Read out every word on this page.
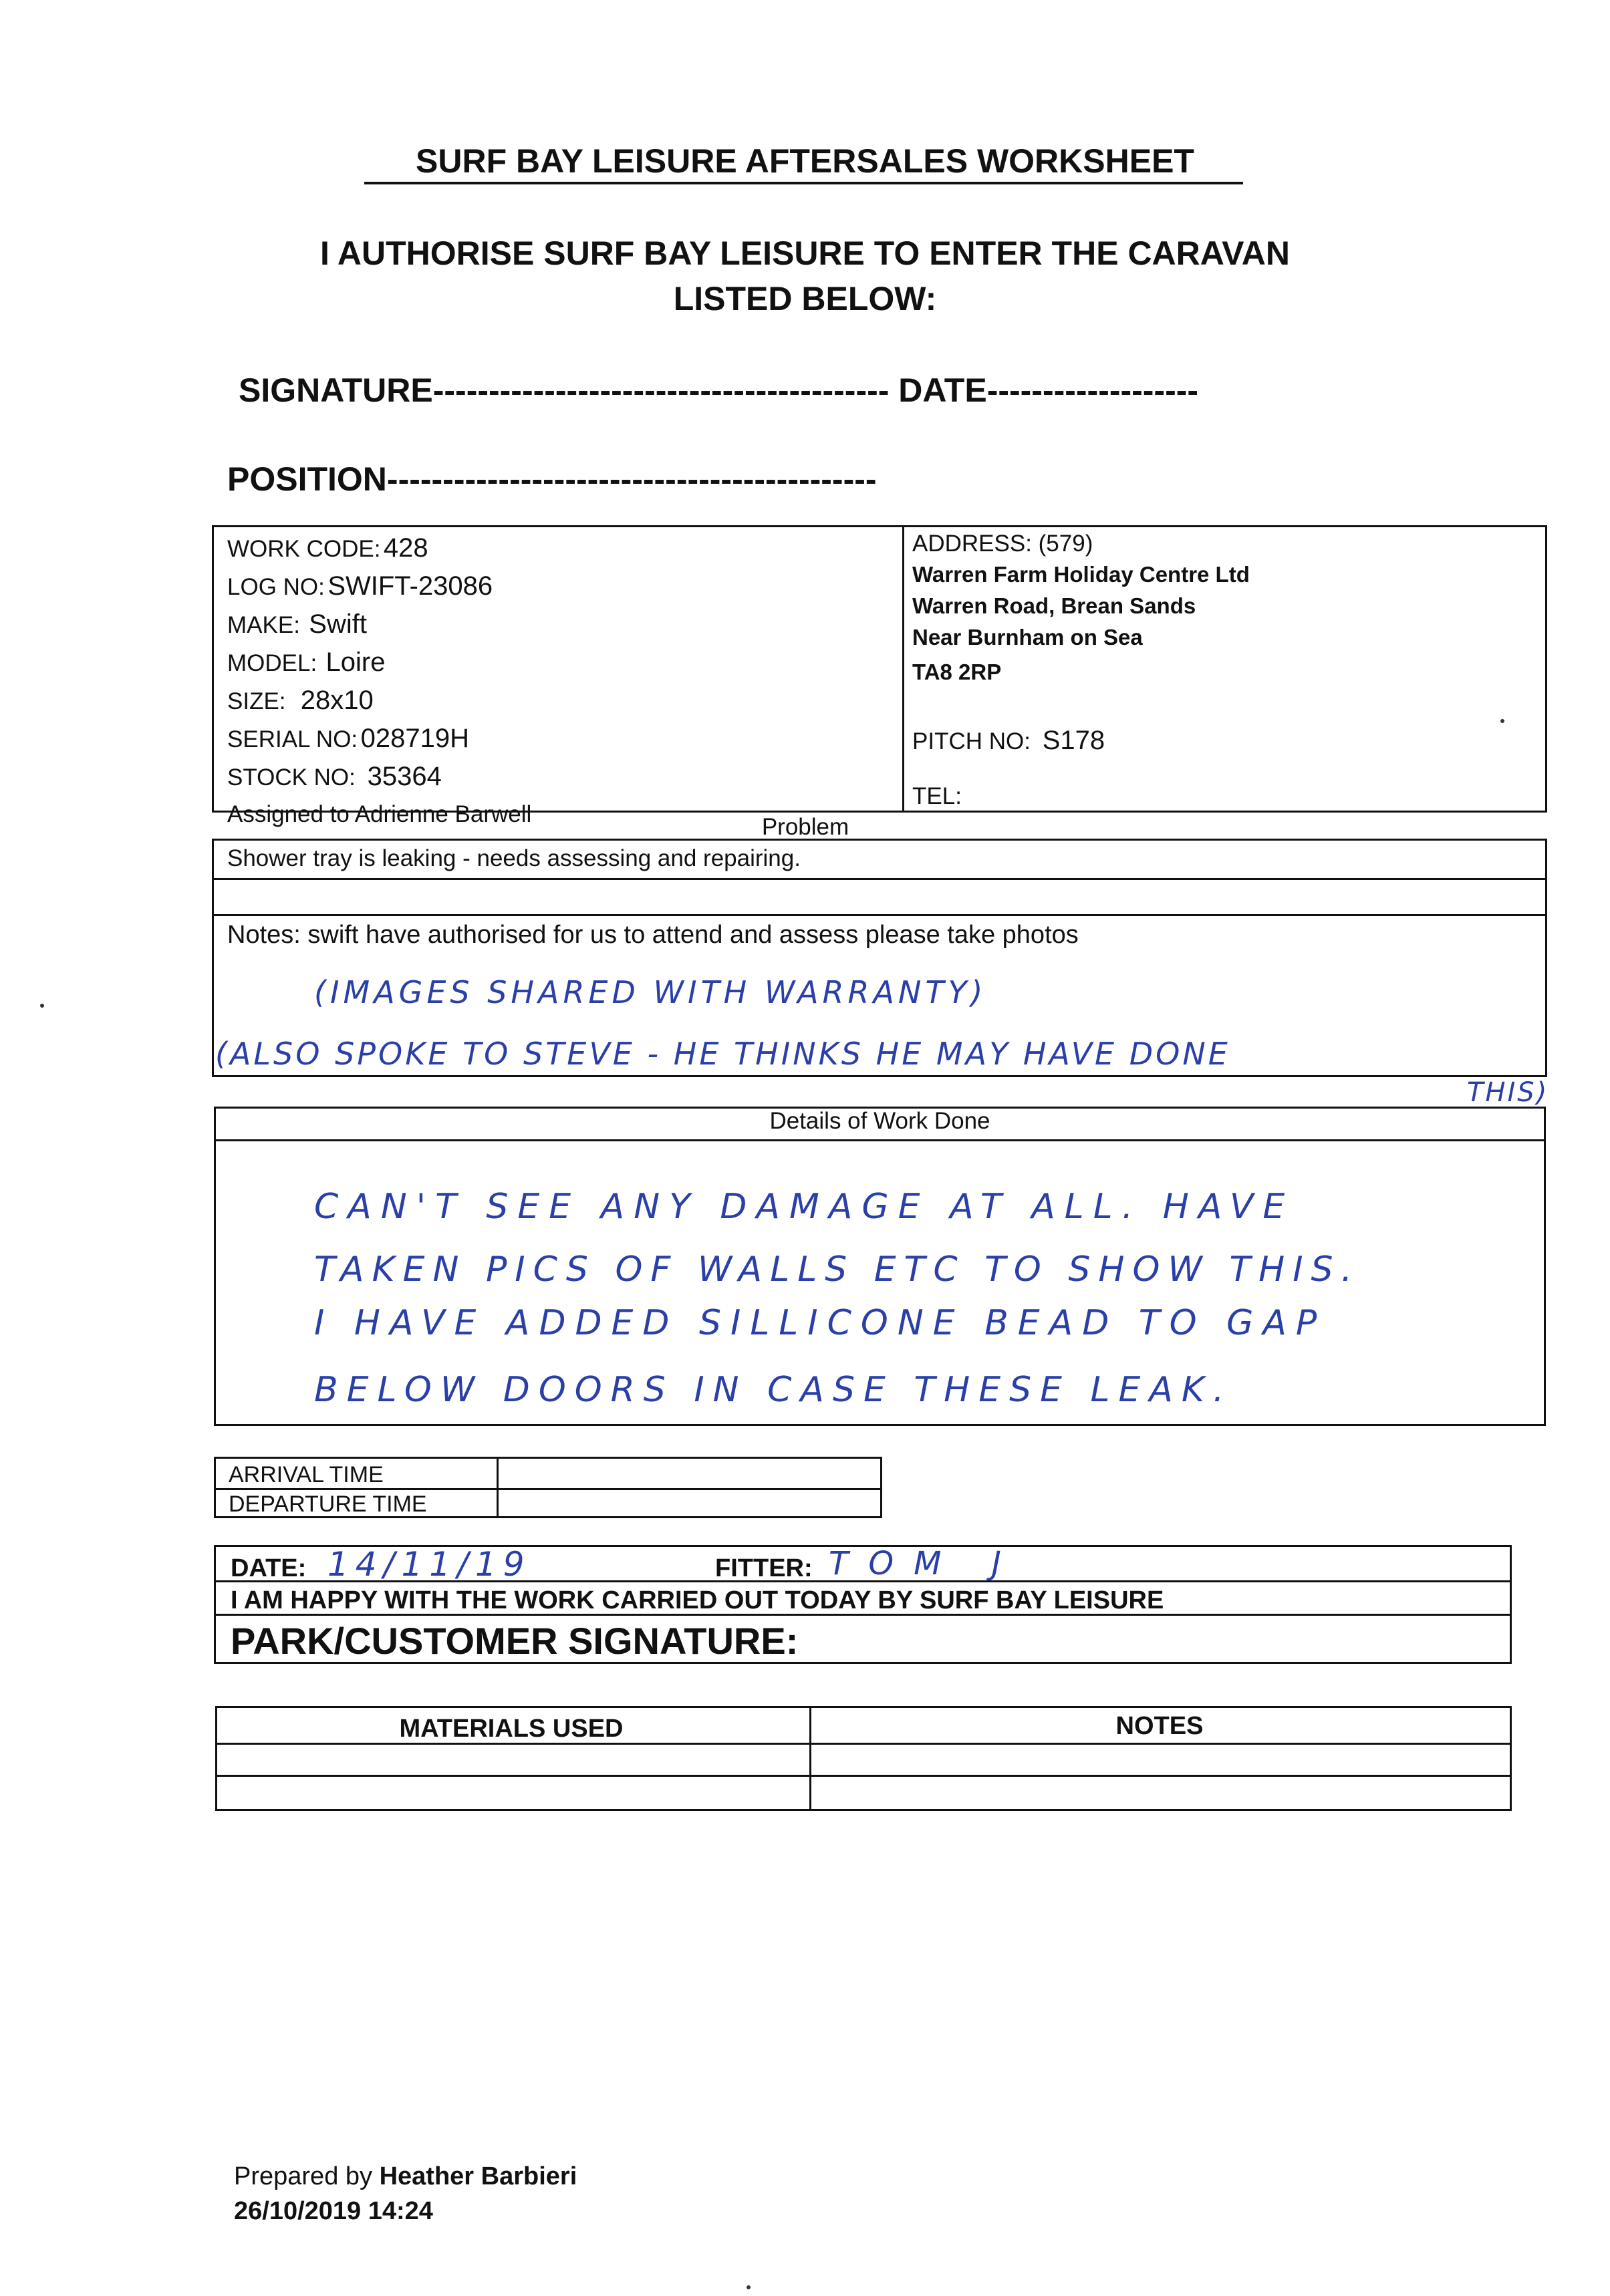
SURF BAY LEISURE AFTERSALES WORKSHEET
I AUTHORISE SURF BAY LEISURE TO ENTER THE CARAVAN
LISTED BELOW:
SIGNATURE----------------------------------------- DATE-------------------
POSITION--------------------------------------------
WORK CODE: 428
LOG NO: SWIFT-23086
MAKE: Swift
MODEL: Loire
SIZE: 28x10
SERIAL NO: 028719H
STOCK NO: 35364
Assigned to Adrienne Barwell
ADDRESS: (579)
Warren Farm Holiday Centre Ltd
Warren Road, Brean Sands
Near Burnham on Sea
TA8 2RP
PITCH NO: S178
TEL:
Problem
Shower tray is leaking - needs assessing and repairing.
Notes: swift have authorised for us to attend and assess please take photos
(IMAGES SHARED WITH WARRANTY)
(ALSO SPOKE TO STEVE - HE THINKS HE MAY HAVE DONE
THIS)
Details of Work Done
CAN'T SEE ANY DAMAGE AT ALL. HAVE
TAKEN PICS OF WALLS ETC TO SHOW THIS.
I HAVE ADDED SILLICONE BEAD TO GAP
BELOW DOORS IN CASE THESE LEAK.
ARRIVAL TIME
DEPARTURE TIME
DATE: 14/11/19	FITTER: TOM J
I AM HAPPY WITH THE WORK CARRIED OUT TODAY BY SURF BAY LEISURE
PARK/CUSTOMER SIGNATURE:
MATERIALS USED	NOTES
Prepared by Heather Barbieri
26/10/2019 14:24
